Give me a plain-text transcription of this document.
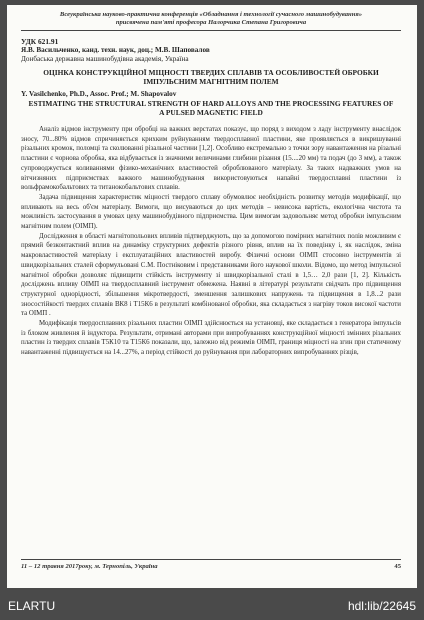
Всеукраїнська науково-практична конференція «Обладнання і технології сучасного машинобудування»
присвячена пам'яті професора Налорчика Степана Григоровича
УДК 621.91
Я.В. Васильченко, канд. техн. наук, доц.; М.В. Шаповалов
Донбаська державна машинобудівна академія, Україна
ОЦІНКА КОНСТРУКЦІЙНОЇ МІЦНОСТІ ТВЕРДИХ СПЛАВІВ ТА ОСОБЛИВОСТЕЙ ОБРОБКИ ІМПУЛЬСНИМ МАГНІТНИМ ПОЛЕМ
Y. Vasilchenko, Ph.D., Assoc. Prof.; M. Shapovalov
ESTIMATING THE STRUCTURAL STRENGTH OF HARD ALLOYS AND THE PROCESSING FEATURES OF A PULSED MAGNETIC FIELD

Аналіз відмов інструменту при обробці на важких верстатах показує, що поряд з виходом з ладу інструменту внаслідок зносу, 70...80% відмов спричиняється крихким руйнуванням твердосплавної пластини, яке проявляється в викришуванні різальних кромок, поломці та сколюванні різальної частини [1,2]. Особливо екстремально з точки зору навантаження на різальні пластини є чорнова обробка, яка відбувається із значними величинами глибини різання (15....20 мм) та подач (до 3 мм), а також супроводжується коливаннями фізико-механічних властивостей оброблюваного матеріалу. За таких надважких умов на вітчизняних підприємствах важкого машинобудування використовуються напайні твердосплавні пластини із вольфрамокобальтових та титанокобальтових сплавів.

Задача підвищення характеристик міцності твердого сплаву обумовлює необхідність розвитку методів модифікації, що впливають на весь об'єм матеріалу. Вимоги, що висуваються до цих методів – невисока вартість, екологічна чистота та можливість застосування в умовах цеху машинобудівного підприємства. Цим вимогам задовольняє метод обробки імпульсним магнітним полем (ОІМП).

Дослідження в області магнітопольових впливів підтверджують, що за допомогою помірних магнітних полів можливим є прямий безконтактний вплив на динаміку структурних дефектів різного рівня, вплив на їх поведінку і, як наслідок, зміна макровластивостей матеріалу і експлуатаційних властивостей виробу. Фізичні основи ОІМП стосовно інструментів зі швидкорізальних сталей сформульовані С.М. Постніковим і представниками його наукової школи. Відомо, що метод імпульсної магнітної обробки дозволяє підвищити стійкість інструменту зі швидкорізальної сталі в 1,5… 2,0 рази [1, 2]. Кількість досліджень впливу ОІМП на твердосплавний інструмент обмежена. Наявні в літературі результати свідчать про підвищення структурної однорідності, збільшення мікротвердості, зменшення залишкових напружень та підвищення в 1,8...2 рази зносостійкості твердих сплавів ВК8 і Т15К6 в результаті комбінованої обробки, яка складається з нагріву токов високої частоти та ОІМП .

Модифікація твердосплавних різальних пластин ОІМП здійснюється на установці, яке складається з генератора імпульсів із блоком живлення й індуктора. Результати, отримані авторами при випробуваннях конструкційної міцності змінних різальних пластин із твердих сплавів Т5К10 та Т15К6 показали, що, залежно від режимів ОІМП, границя міцності на згин при статичному навантаженні підвищується на 14...27%, а період стійкості до руйнування при лабораторних випробуваннях різців,

11 – 12 травня 2017року, м. Тернопіль, Україна	45
ELARTU	hdl:lib/22645
